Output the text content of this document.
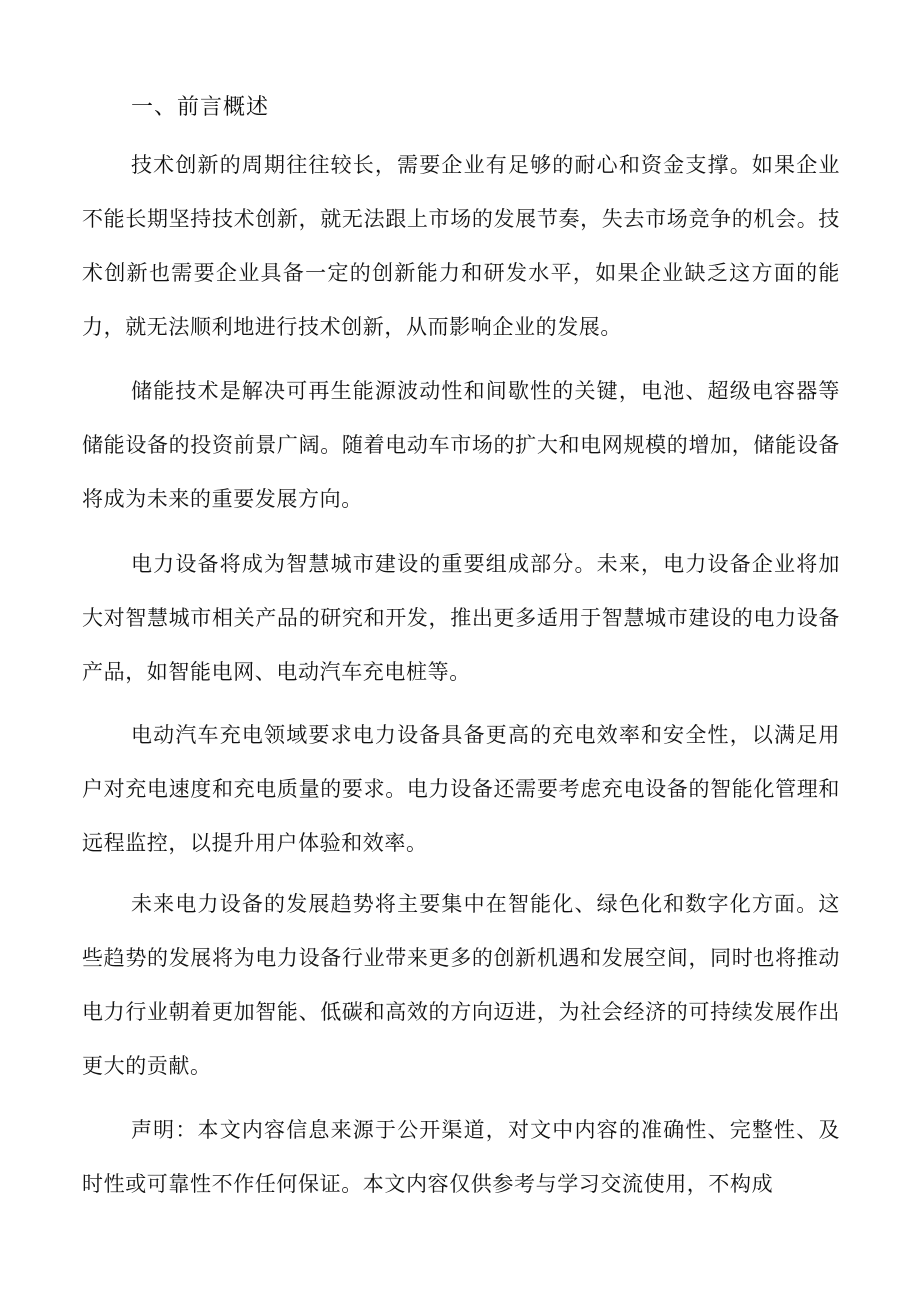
一、前言概述
技术创新的周期往往较长，需要企业有足够的耐心和资金支撑。如果企业不能长期坚持技术创新，就无法跟上市场的发展节奏，失去市场竞争的机会。技术创新也需要企业具备一定的创新能力和研发水平，如果企业缺乏这方面的能力，就无法顺利地进行技术创新，从而影响企业的发展。
储能技术是解决可再生能源波动性和间歇性的关键，电池、超级电容器等储能设备的投资前景广阔。随着电动车市场的扩大和电网规模的增加，储能设备将成为未来的重要发展方向。
电力设备将成为智慧城市建设的重要组成部分。未来，电力设备企业将加大对智慧城市相关产品的研究和开发，推出更多适用于智慧城市建设的电力设备产品，如智能电网、电动汽车充电桩等。
电动汽车充电领域要求电力设备具备更高的充电效率和安全性，以满足用户对充电速度和充电质量的要求。电力设备还需要考虑充电设备的智能化管理和远程监控，以提升用户体验和效率。
未来电力设备的发展趋势将主要集中在智能化、绿色化和数字化方面。这些趋势的发展将为电力设备行业带来更多的创新机遇和发展空间，同时也将推动电力行业朝着更加智能、低碳和高效的方向迈进，为社会经济的可持续发展作出更大的贡献。
声明：本文内容信息来源于公开渠道，对文中内容的准确性、完整性、及时性或可靠性不作任何保证。本文内容仅供参考与学习交流使用，不构成
